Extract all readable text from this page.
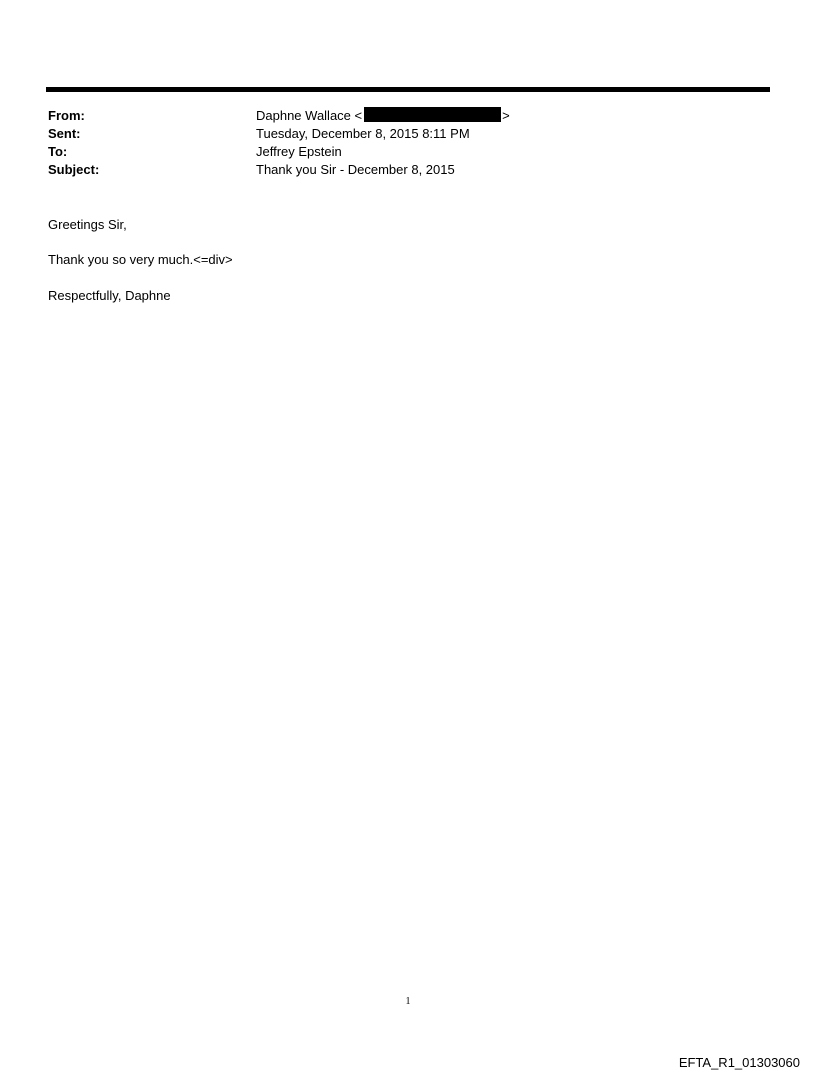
From:	Daphne Wallace <	>
Sent:	Tuesday, December 8, 2015 8:11 PM
To:	Jeffrey Epstein
Subject:	Thank you Sir - December 8, 2015
Greetings Sir,
Thank you so very much.<=div>
Respectfully, Daphne
1
EFTA_R1_01303060
